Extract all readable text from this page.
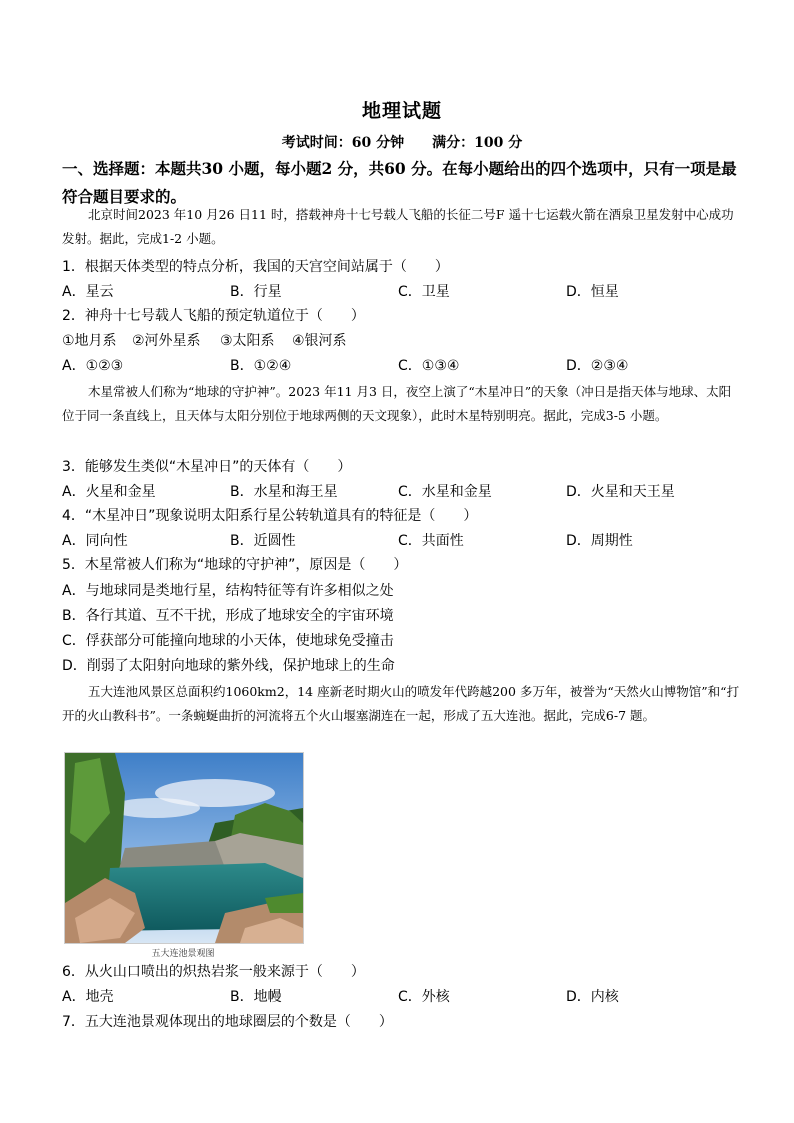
地理试题
考试时间：60 分钟 满分：100 分
一、选择题：本题共30 小题，每小题2 分，共60 分。在每小题给出的四个选项中，只有一项是最符合题目要求的。
北京时间2023 年10 月26 日11 时，搭载神舟十七号载人飞船的长征二号F 遥十七运载火箭在酒泉卫星发射中心成功发射。据此，完成1-2 小题。
1．根据天体类型的特点分析，我国的天宫空间站属于（　　）
A．星云	B．行星	C．卫星	D．恒星
2．神舟十七号载人飞船的预定轨道位于（　　）
①地月系 ②河外星系 ③太阳系 ④银河系
A．①②③	B．①②④	C．①③④	D．②③④
木星常被人们称为“地球的守护神”。2023 年11 月3 日，夜空上演了“木星冲日”的天象（冲日是指天体与地球、太阳位于同一条直线上，且天体与太阳分别位于地球两侧的天文现象），此时木星特别明亮。据此，完成3-5 小题。
3．能够发生类似“木星冲日”的天体有（　　）
A．火星和金星	B．水星和海王星	C．水星和金星	D．火星和天王星
4．“木星冲日”现象说明太阳系行星公转轨道具有的特征是（　　）
A．同向性	B．近圆性	C．共面性	D．周期性
5．木星常被人们称为“地球的守护神”，原因是（　　）
A．与地球同是类地行星，结构特征等有许多相似之处
B．各行其道、互不干扰，形成了地球安全的宇宙环境
C．俘获部分可能撞向地球的小天体，使地球免受撞击
D．削弱了太阳射向地球的紫外线，保护地球上的生命
五大连池风景区总面积约1060km2，14 座新老时期火山的喷发年代跨越200 多万年，被誉为“天然火山博物馆”和“打开的火山教科书”。一条蜿蜒曲折的河流将五个火山堰塞湖连在一起，形成了五大连池。据此，完成6-7 题。
五大连池景观图
6．从火山口喷出的炽热岩浆一般来源于（　　）
A．地壳	B．地幔	C．外核	D．内核
7．五大连池景观体现出的地球圈层的个数是（　　）
